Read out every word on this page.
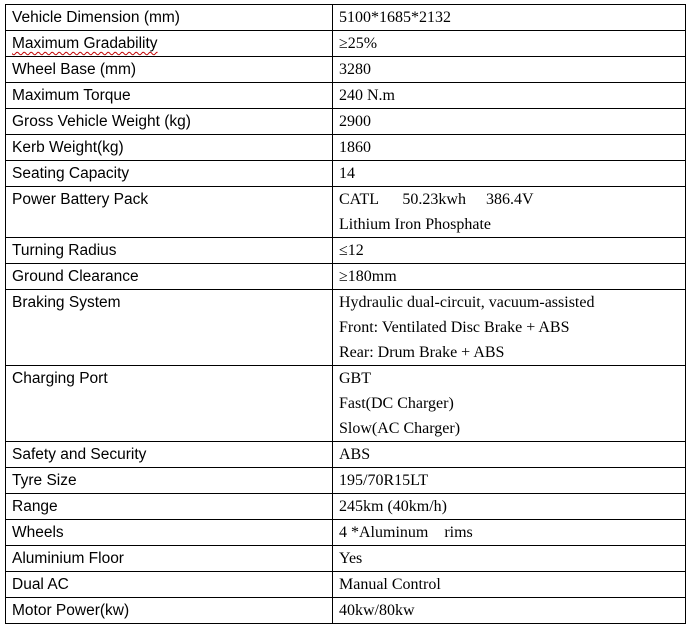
Vehicle Dimension (mm)	5100*1685*2132

Maximum Gradability	≥25%

Wheel Base (mm)	3280

Maximum Torque	240 N.m

Gross Vehicle Weight (kg)	2900

Kerb Weight(kg)	1860

Seating Capacity	14

Power Battery Pack	CATL      50.23kwh     386.4V
Lithium Iron Phosphate

Turning Radius	≤12

Ground Clearance	≥180mm

Braking System	Hydraulic dual-circuit, vacuum-assisted
Front: Ventilated Disc Brake + ABS
Rear: Drum Brake + ABS

Charging Port	GBT
Fast(DC Charger)
Slow(AC Charger)

Safety and Security	ABS

Tyre Size	195/70R15LT

Range	245km (40km/h)

Wheels	4 *Aluminum    rims

Aluminium Floor	Yes

Dual AC	Manual Control

Motor Power(kw)	40kw/80kw
